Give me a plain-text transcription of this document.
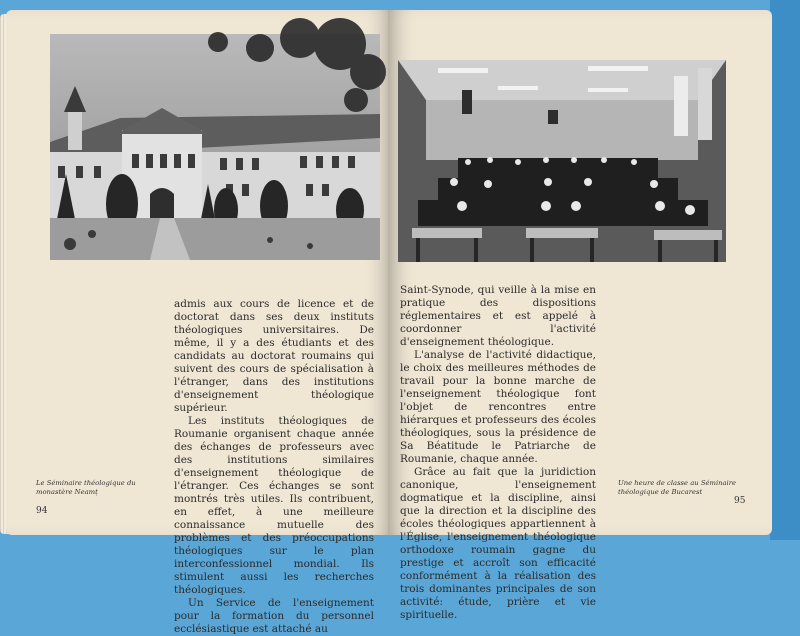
admis aux cours de licence et de doctorat dans ses deux instituts théologiques universitaires. De même, il y a des étudiants et des candidats au doctorat roumains qui suivent des cours de spécialisation à l'étranger, dans des institutions d'enseignement théologique supérieur.

Les instituts théologiques de Roumanie organisent chaque année des échanges de professeurs avec des institutions similaires d'enseignement théologique de l'étranger. Ces échanges se sont montrés très utiles. Ils contribuent, en effet, à une meilleure connaissance mutuelle des problèmes et des préoccupations théologiques sur le plan interconfessionnel mondial. Ils stimulent aussi les recherches théologiques.

Un Service de l'enseignement pour la formation du personnel ecclésiastique est attaché au

Le Séminaire théologique du monastère Neamț
94

Saint-Synode, qui veille à la mise en pratique des dispositions réglementaires et est appelé à coordonner l'activité d'enseignement théologique.

L'analyse de l'activité didactique, le choix des meilleures méthodes de travail pour la bonne marche de l'enseignement théologique font l'objet de rencontres entre hiérarques et professeurs des écoles théologiques, sous la présidence de Sa Béatitude le Patriarche de Roumanie, chaque année.

Grâce au fait que la juridiction canonique, l'enseignement dogmatique et la discipline, ainsi que la direction et la discipline des écoles théologiques appartiennent à l'Église, l'enseignement théologique orthodoxe roumain gagne du prestige et accroît son efficacité conformément à la réalisation des trois dominantes principales de son activité: étude, prière et vie spirituelle.

Une heure de classe au Séminaire théologique de Bucarest
95
